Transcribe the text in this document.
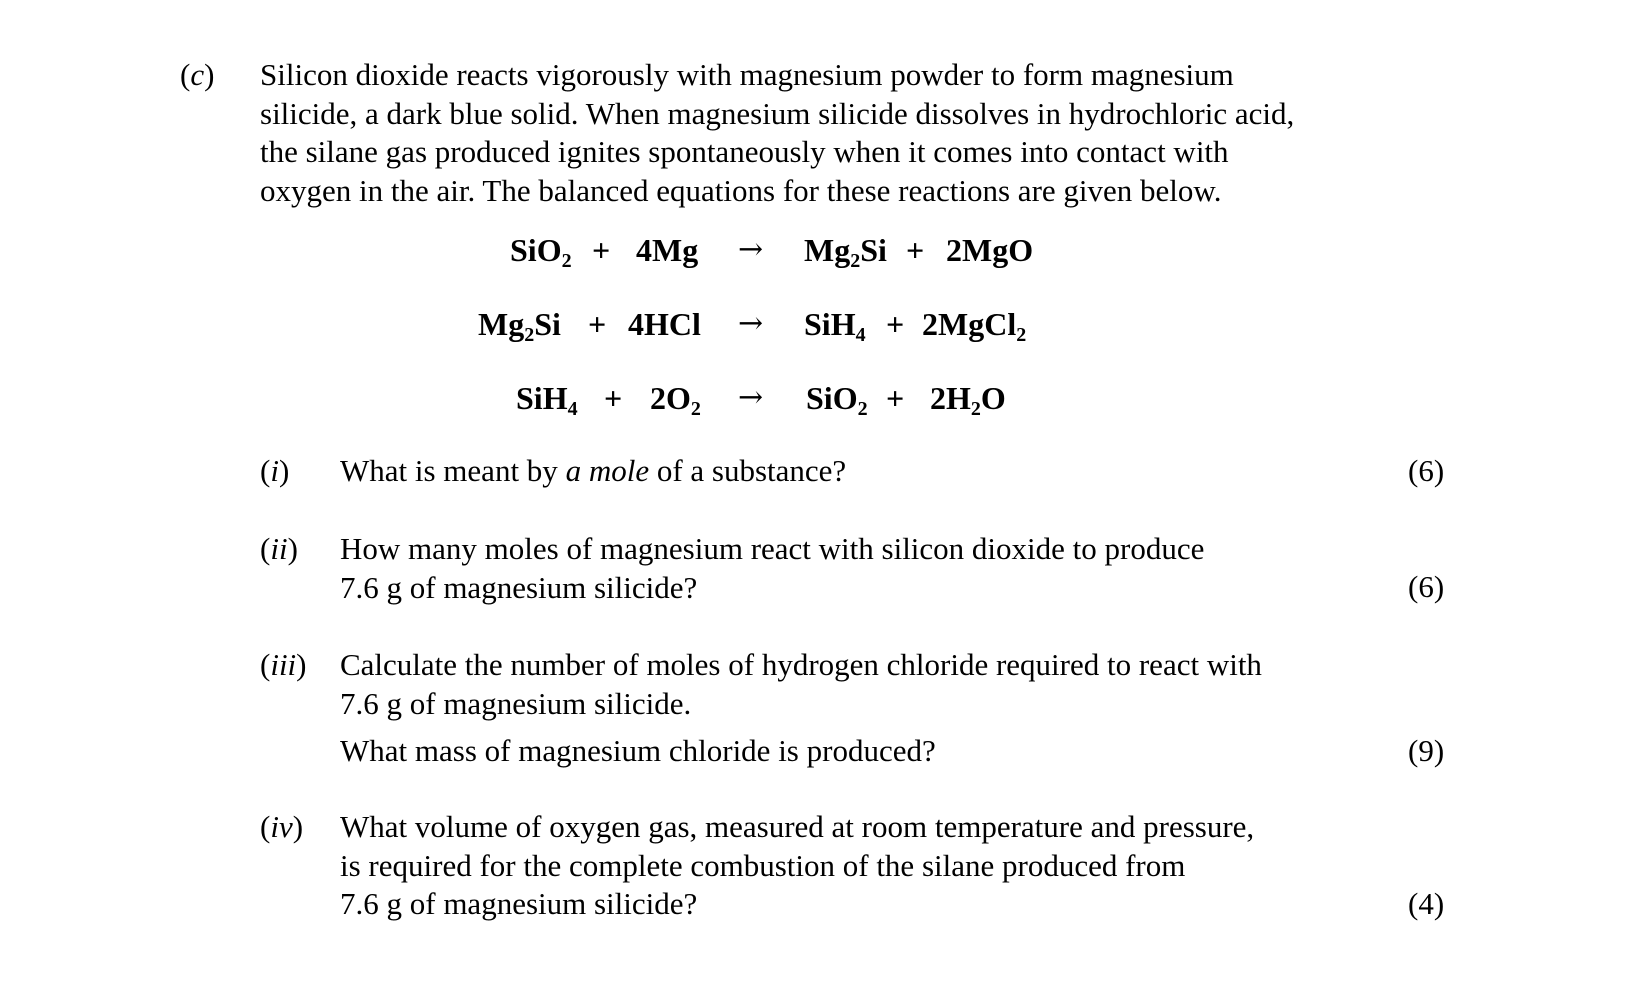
(c) Silicon dioxide reacts vigorously with magnesium powder to form magnesium
silicide, a dark blue solid. When magnesium silicide dissolves in hydrochloric acid,
the silane gas produced ignites spontaneously when it comes into contact with
oxygen in the air. The balanced equations for these reactions are given below.
$SiO_2 + 4Mg \to Mg_2Si + 2MgO$
$Mg_2Si + 4HCl \to SiH_4$ + 2MgCl$_2$
$SiH_4 + 2O_2 \to SiO_2 + 2H_2O$
(i) What is meant by a mole of a substance?	(6)
(ii) How many moles of magnesium react with silicon dioxide to produce
7.6 g of magnesium silicide?	(6)
(iii) Calculate the number of moles of hydrogen chloride required to react with
7.6 g of magnesium silicide.
What mass of magnesium chloride is produced?	(9)
(iv) What volume of oxygen gas, measured at room temperature and pressure,
is required for the complete combustion of the silane produced from
7.6 g of magnesium silicide?	(4)
